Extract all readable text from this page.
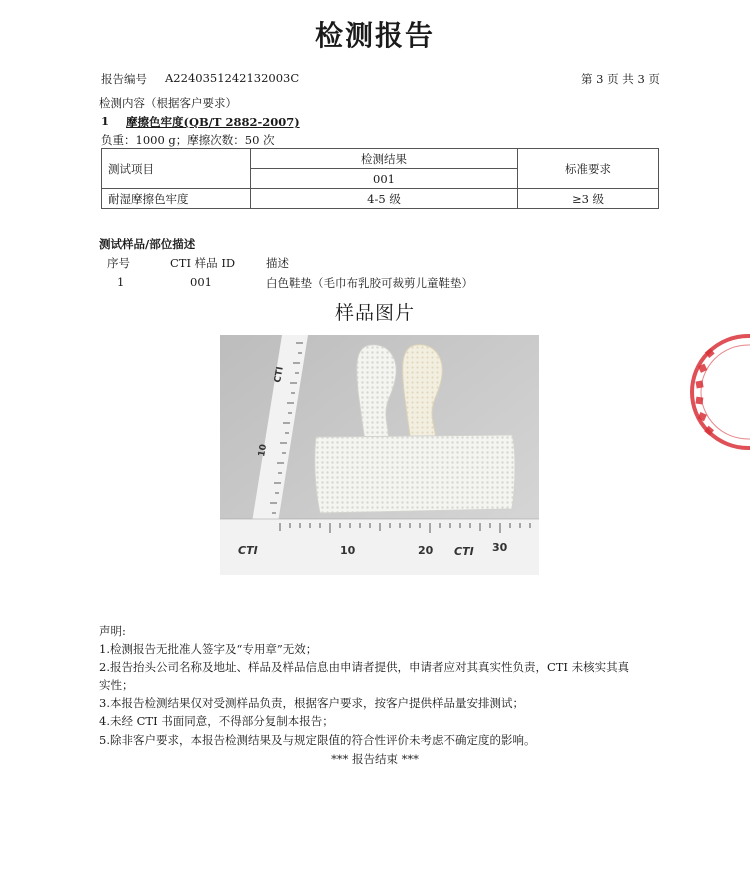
检测报告
报告编号 A2240351242132003C	第 3 页 共 3 页
检测内容（根据客户要求）
1 摩擦色牢度(QB/T 2882-2007)
负重：1000 g；摩擦次数：50 次
测试项目	检测结果	标准要求
	001	
耐湿摩擦色牢度	4-5 级	≥3 级
测试样品/部位描述
序号	CTI 样品 ID	描述
1	001	白色鞋垫（毛巾布乳胶可裁剪儿童鞋垫）
样品图片
CTI
10
CTI	10	20 CTI 30
声明:
1.检测报告无批准人签字及“专用章”无效；
2.报告抬头公司名称及地址、样品及样品信息由申请者提供，申请者应对其真实性负责，CTI 未核实其真
实性；
3.本报告检测结果仅对受测样品负责，根据客户要求，按客户提供样品量安排测试；
4.未经 CTI 书面同意，不得部分复制本报告；
5.除非客户要求，本报告检测结果及与规定限值的符合性评价未考虑不确定度的影响。
*** 报告结束 ***
